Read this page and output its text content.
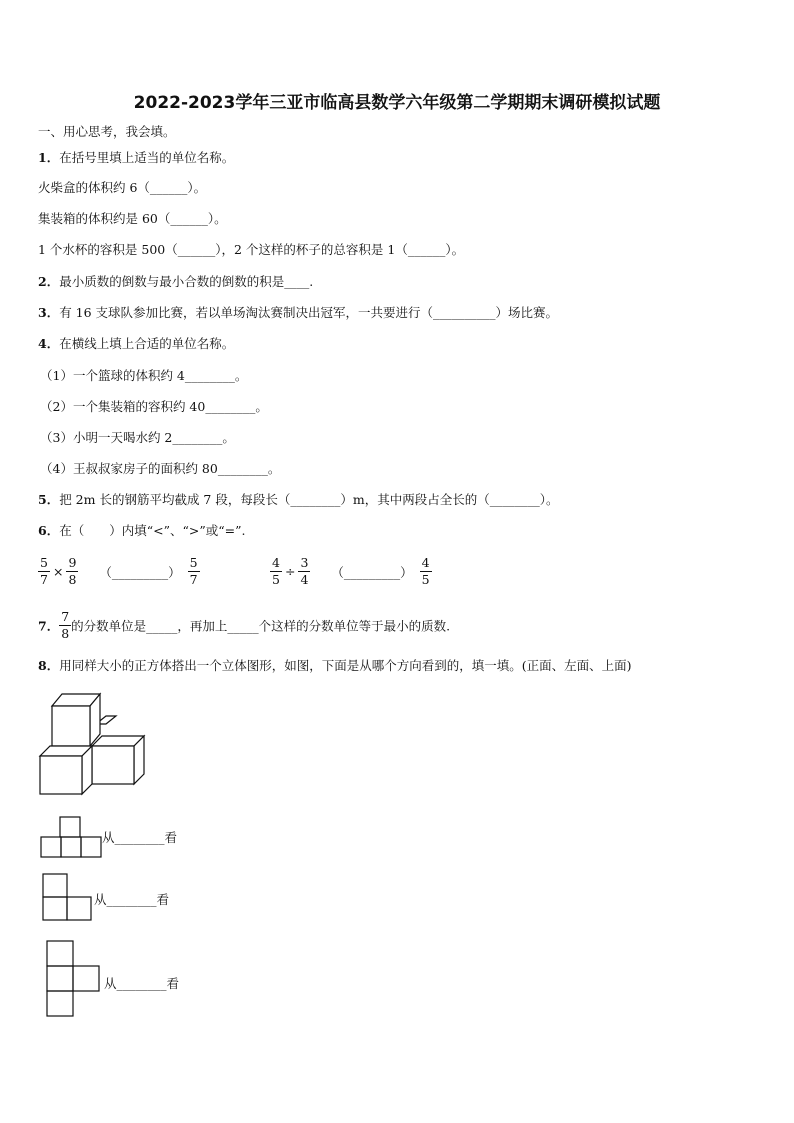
2022-2023学年三亚市临高县数学六年级第二学期期末调研模拟试题
一、用心思考，我会填。
1．在括号里填上适当的单位名称。
火柴盒的体积约 6（______）。
集装箱的体积约是 60（______）。
1 个水杯的容积是 500（______），2 个这样的杯子的总容积是 1（______）。
2．最小质数的倒数与最小合数的倒数的积是____.
3．有 16 支球队参加比赛，若以单场淘汰赛制决出冠军，一共要进行（__________）场比赛。
4．在横线上填上合适的单位名称。
（1）一个篮球的体积约 4________。
（2）一个集装箱的容积约 40________。
（3）小明一天喝水约 2________。
（4）王叔叔家房子的面积约 80________。
5．把 2m 长的钢筋平均截成 7 段，每段长（________）m，其中两段占全长的（________）。
6．在（　　）内填“<”、“>”或“=”.
$\frac{5}{7} \times \frac{9}{8}$ （_________） $\frac{5}{7}$	$\frac{4}{5} \div \frac{3}{4}$ （_________） $\frac{4}{5}$
7． $\frac{7}{8}$ 的分数单位是_____，再加上_____个这样的分数单位等于最小的质数.
8．用同样大小的正方体搭出一个立体图形，如图，下面是从哪个方向看到的，填一填。(正面、左面、上面)
从________看
从________看
从________看
